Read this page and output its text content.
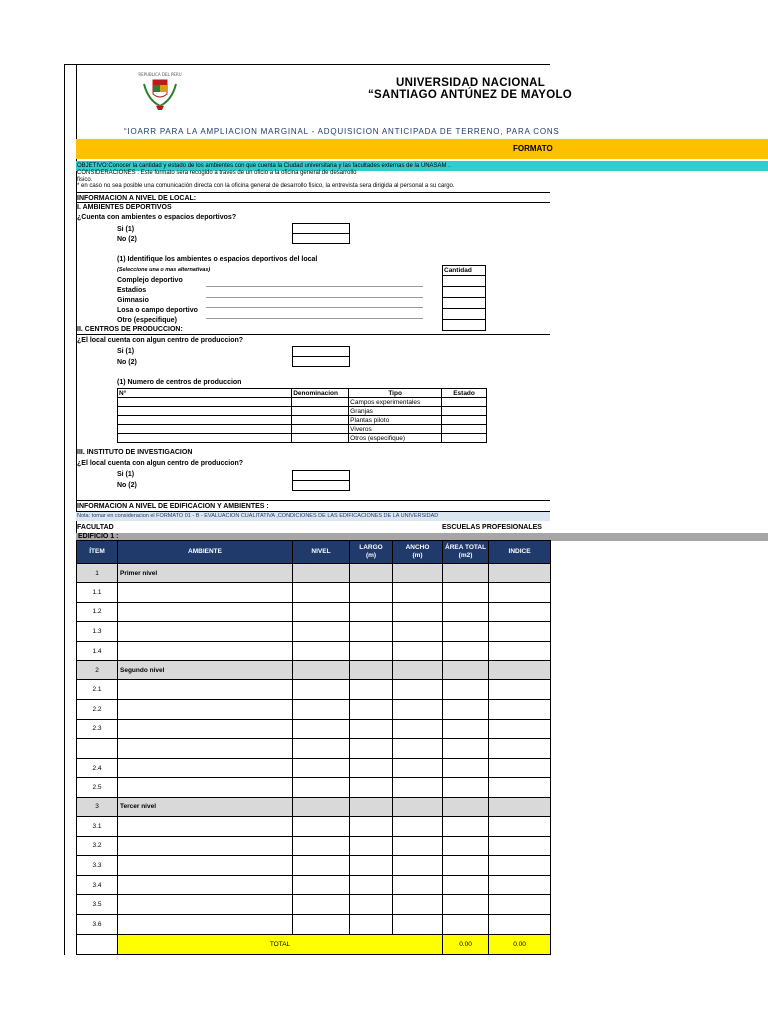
REPUBLICA DEL PERU
UNIVERSIDAD NACIONAL
“SANTIAGO ANTÚNEZ DE MAYOLO
“IOARR PARA LA AMPLIACION MARGINAL - ADQUISICION ANTICIPADA DE TERRENO, PARA CONS
FORMATO
OBJETIVO:Conocer la cantidad y estado de los ambientes con que cuenta la Ciudad universitaria y las facultades externas de la UNASAM .
CONSIDERACIONES : Este formato sera recogido a traves de un oficio a la oficina general de desarrollo
fisico.
* en caso no sea posible una comunicación directa con la oficina general de desarrollo fisico, la entrevista sera dirigida al personal a su cargo.
INFORMACION A NIVEL DE LOCAL:
I. AMBIENTES DEPORTIVOS
¿Cuenta con ambientes o espacios deportivos?
Si (1)
No (2)
(1) Identifique los ambientes o espacios deportivos del local
(Seleccione una o mas alternativas)
Complejo deportivo
Estadios
Gimnasio
Losa o campo deportivo
Otro (especifique)
Cantidad

II. CENTROS DE PRODUCCION:
¿El local cuenta con algun centro de produccion?
Si (1)
No (2)
(1) Numero de centros de produccion
N°	Denominacion	Tipo	Estado
		Campos experimentales	
		Granjas	
		Plantas piloto	
		Viveros	
		Otros (especifique)	
III. INSTITUTO DE INVESTIGACION
¿El local cuenta con algun centro de produccion?
Si (1)
No (2)
INFORMACION A NIVEL DE EDIFICACION Y AMBIENTES :
Nota: tomar en consideracion el FORMATO 01 - B - EVALUACION CUALITATIVA ,CONDICIONES DE LAS EDIFICACIONES DE LA UNIVERSIDAD
FACULTAD	ESCUELAS PROFESIONALES
EDIFICIO 1 :
ÍTEM	AMBIENTE	NIVEL	LARGO
(m)	ANCHO
(m)	ÁREA TOTAL
(m2)	INDICE
1	Primer nivel					
1.1						
1.2						
1.3						
1.4						
2	Segundo nivel					
2.1						
2.2						
2.3						

2.4						
2.5						
3	Tercer nivel					
3.1						
3.2						
3.3						
3.4						
3.5						
3.6						
	TOTAL				0.00	0.00
